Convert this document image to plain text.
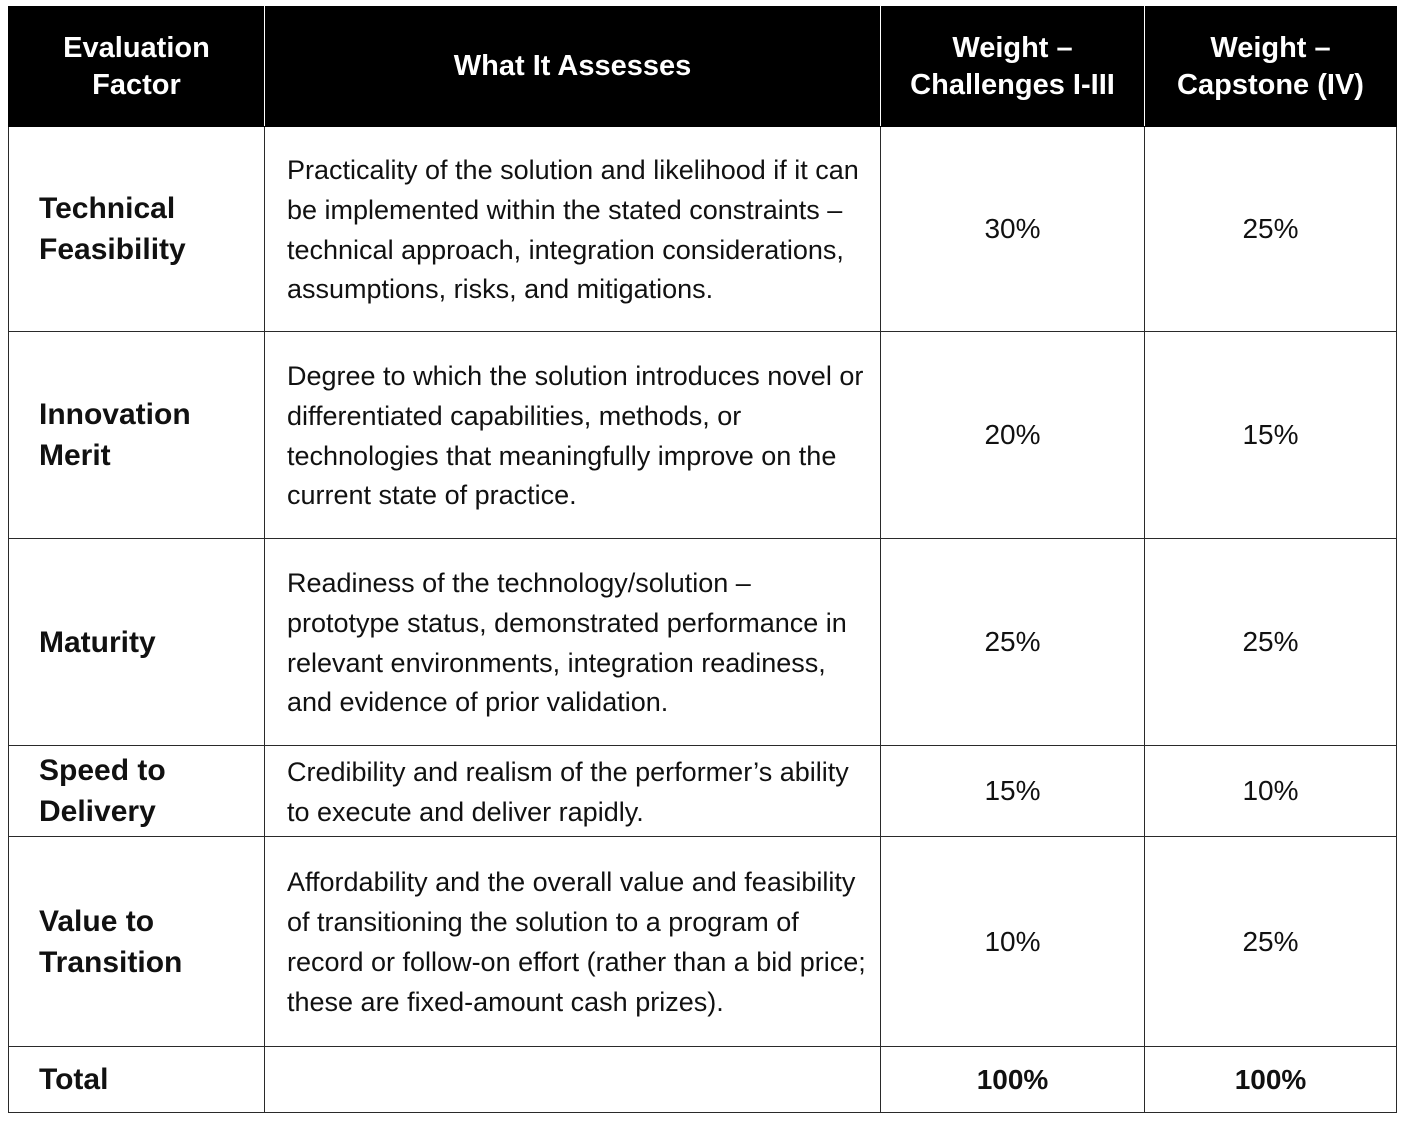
Evaluation Factor	What It Assesses	Weight – Challenges I-III	Weight – Capstone (IV)
Technical Feasibility	Practicality of the solution and likelihood if it can be implemented within the stated constraints – technical approach, integration considerations, assumptions, risks, and mitigations.	30%	25%
Innovation Merit	Degree to which the solution introduces novel or differentiated capabilities, methods, or technologies that meaningfully improve on the current state of practice.	20%	15%
Maturity	Readiness of the technology/solution – prototype status, demonstrated performance in relevant environments, integration readiness, and evidence of prior validation.	25%	25%
Speed to Delivery	Credibility and realism of the performer’s ability to execute and deliver rapidly.	15%	10%
Value to Transition	Affordability and the overall value and feasibility of transitioning the solution to a program of record or follow-on effort (rather than a bid price; these are fixed-amount cash prizes).	10%	25%
Total		100%	100%
